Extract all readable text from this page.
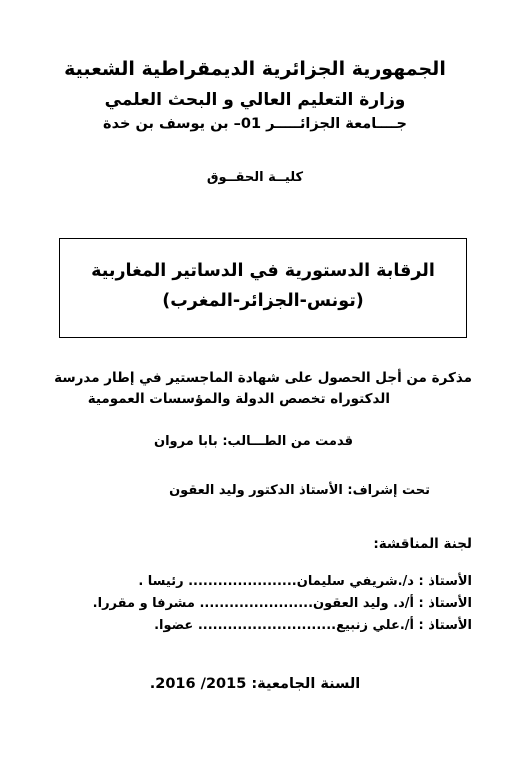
الجمهورية الجزائرية الديمقراطية الشعبية
وزارة التعليم العالي و البحث العلمي
جــــامعة الجزائـــــر 01– بن يوسف بن خدة
كليــة الحقــوق
الرقابة الدستورية في الدساتير المغاربية
(تونس-الجزائر-المغرب)
مذكرة من أجل الحصول على شهادة الماجستير في إطار مدرسة
الدكتوراه تخصص الدولة والمؤسسات العمومية
قدمت من الطـــالب: بابا مروان
تحت إشراف: الأستاذ الدكتور وليد العقون
لجنة المناقشة:
الأستاذ : د/.شريفي سليمان...................... رئيسا .
الأستاذ : أ/د. وليد العقون....................... مشرفا و مقررا.
الأستاذ : أ/.علي زنبيع............................ عضوا.
السنة الجامعية: 2015/ 2016.
